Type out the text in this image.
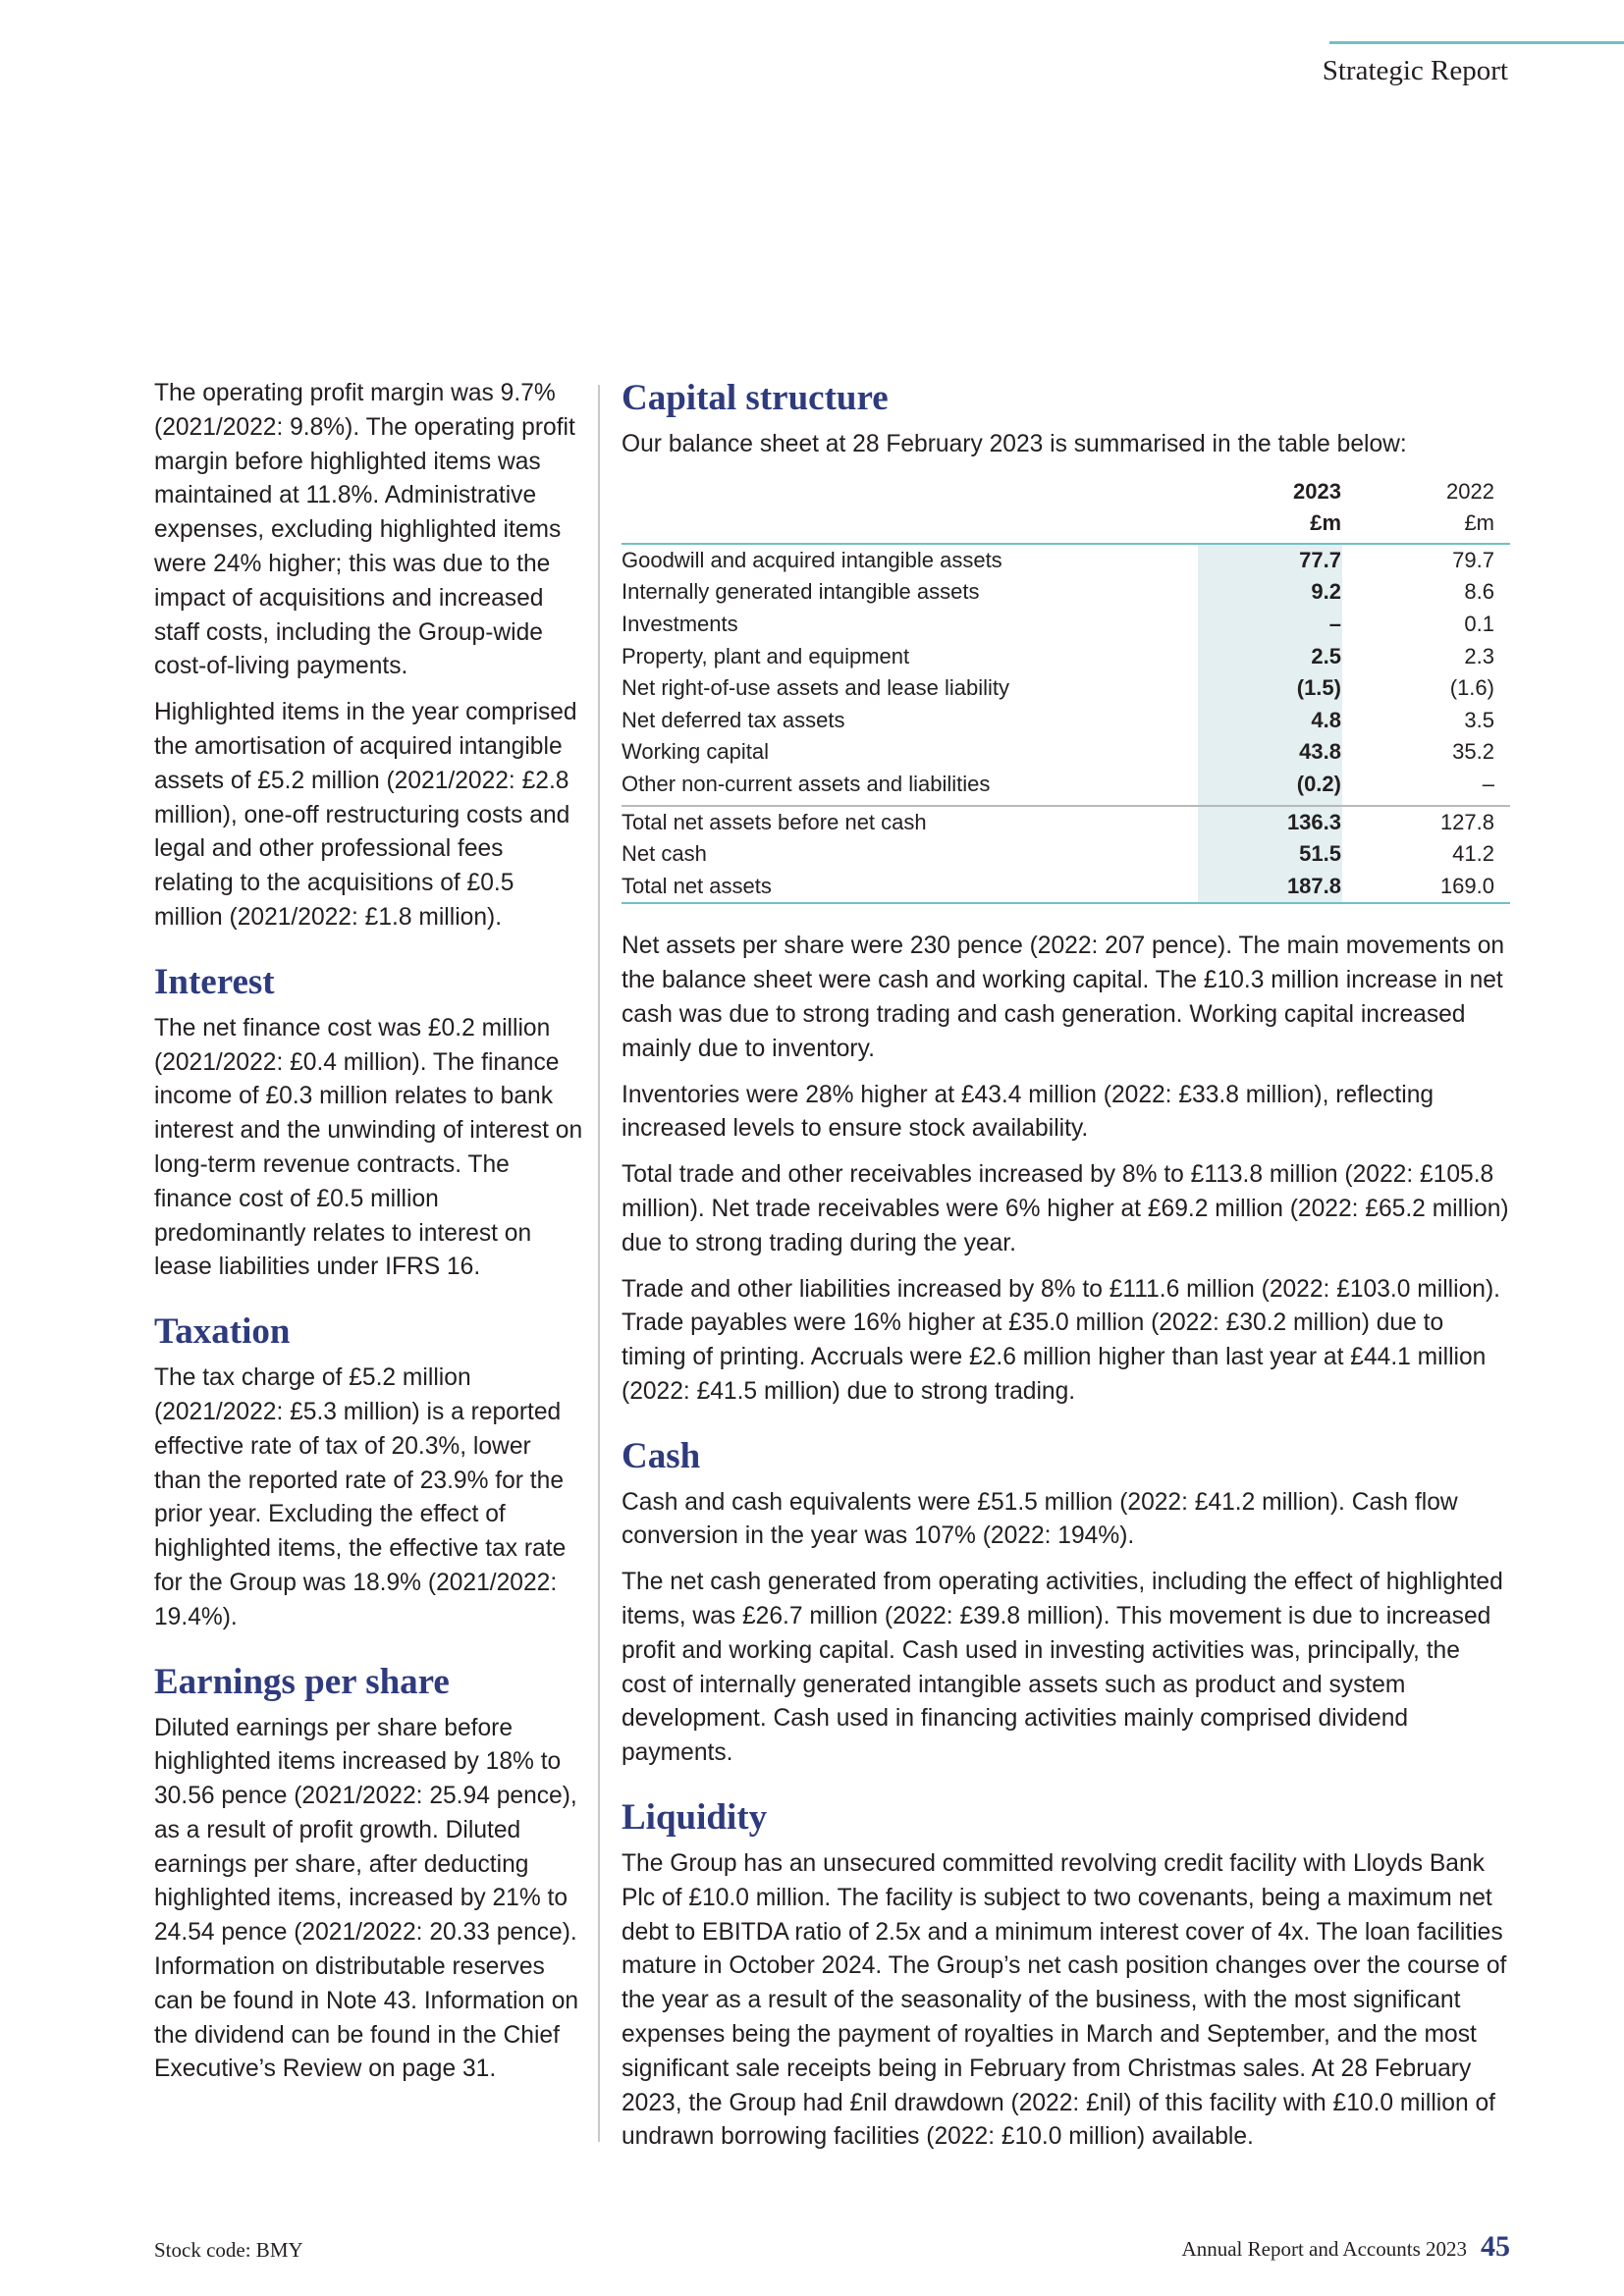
Strategic Report

The operating profit margin was 9.7% (2021/2022: 9.8%). The operating profit margin before highlighted items was maintained at 11.8%. Administrative expenses, excluding highlighted items were 24% higher; this was due to the impact of acquisitions and increased staff costs, including the Group-wide cost-of-living payments.

Highlighted items in the year comprised the amortisation of acquired intangible assets of £5.2 million (2021/2022: £2.8 million), one-off restructuring costs and legal and other professional fees relating to the acquisitions of £0.5 million (2021/2022: £1.8 million).

Interest

The net finance cost was £0.2 million (2021/2022: £0.4 million). The finance income of £0.3 million relates to bank interest and the unwinding of interest on long-term revenue contracts. The finance cost of £0.5 million predominantly relates to interest on lease liabilities under IFRS 16.

Taxation

The tax charge of £5.2 million (2021/2022: £5.3 million) is a reported effective rate of tax of 20.3%, lower than the reported rate of 23.9% for the prior year. Excluding the effect of highlighted items, the effective tax rate for the Group was 18.9% (2021/2022: 19.4%).

Earnings per share

Diluted earnings per share before highlighted items increased by 18% to 30.56 pence (2021/2022: 25.94 pence), as a result of profit growth. Diluted earnings per share, after deducting highlighted items, increased by 21% to 24.54 pence (2021/2022: 20.33 pence). Information on distributable reserves can be found in Note 43. Information on the dividend can be found in the Chief Executive’s Review on page 31.

Capital structure

Our balance sheet at 28 February 2023 is summarised in the table below:

2023
£m
2022
£m
Goodwill and acquired intangible assets	77.7	79.7
Internally generated intangible assets	9.2	8.6
Investments	–	0.1
Property, plant and equipment	2.5	2.3
Net right-of-use assets and lease liability	(1.5)	(1.6)
Net deferred tax assets	4.8	3.5
Working capital	43.8	35.2
Other non-current assets and liabilities	(0.2)	–
Total net assets before net cash	136.3	127.8
Net cash	51.5	41.2
Total net assets	187.8	169.0

Net assets per share were 230 pence (2022: 207 pence). The main movements on the balance sheet were cash and working capital. The £10.3 million increase in net cash was due to strong trading and cash generation. Working capital increased mainly due to inventory.

Inventories were 28% higher at £43.4 million (2022: £33.8 million), reflecting increased levels to ensure stock availability.

Total trade and other receivables increased by 8% to £113.8 million (2022: £105.8 million). Net trade receivables were 6% higher at £69.2 million (2022: £65.2 million) due to strong trading during the year.

Trade and other liabilities increased by 8% to £111.6 million (2022: £103.0 million). Trade payables were 16% higher at £35.0 million (2022: £30.2 million) due to timing of printing. Accruals were £2.6 million higher than last year at £44.1 million (2022: £41.5 million) due to strong trading.

Cash

Cash and cash equivalents were £51.5 million (2022: £41.2 million). Cash flow conversion in the year was 107% (2022: 194%).

The net cash generated from operating activities, including the effect of highlighted items, was £26.7 million (2022: £39.8 million). This movement is due to increased profit and working capital. Cash used in investing activities was, principally, the cost of internally generated intangible assets such as product and system development. Cash used in financing activities mainly comprised dividend payments.

Liquidity

The Group has an unsecured committed revolving credit facility with Lloyds Bank Plc of £10.0 million. The facility is subject to two covenants, being a maximum net debt to EBITDA ratio of 2.5x and a minimum interest cover of 4x. The loan facilities mature in October 2024. The Group’s net cash position changes over the course of the year as a result of the seasonality of the business, with the most significant expenses being the payment of royalties in March and September, and the most significant sale receipts being in February from Christmas sales. At 28 February 2023, the Group had £nil drawdown (2022: £nil) of this facility with £10.0 million of undrawn borrowing facilities (2022: £10.0 million) available.

Stock code: BMY	Annual Report and Accounts 2023 45
